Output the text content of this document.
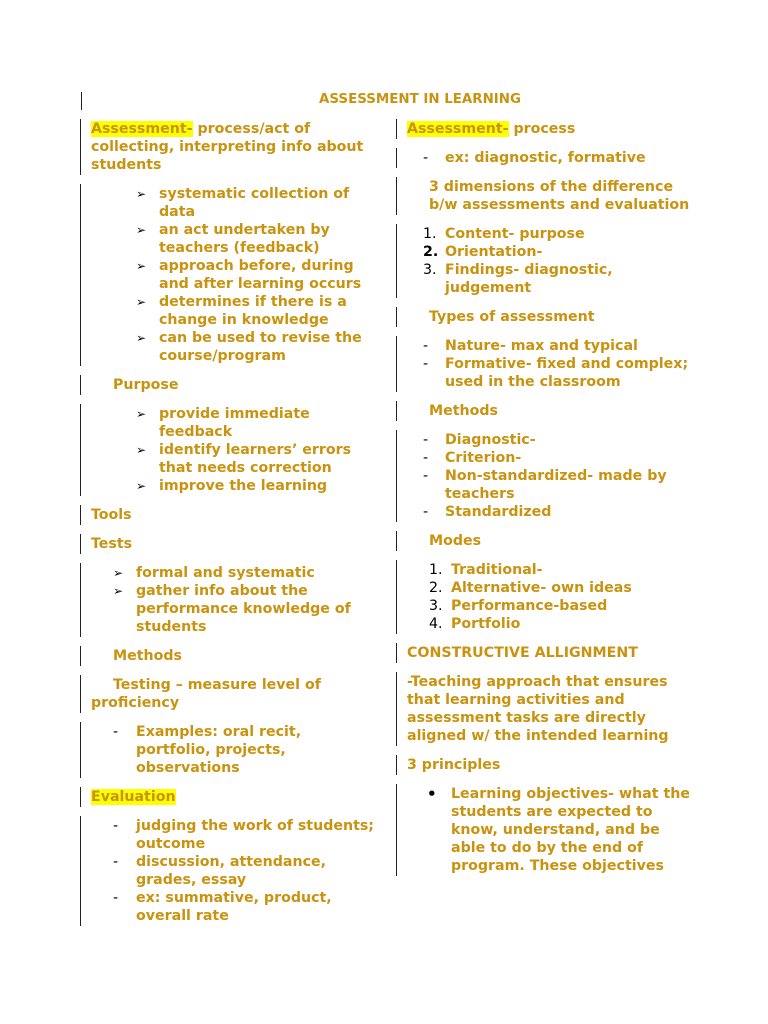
ASSESSMENT IN LEARNING
Assessment- process/act of collecting, interpreting info about students
➢ systematic collection of data
➢ an act undertaken by teachers (feedback)
➢ approach before, during and after learning occurs
➢ determines if there is a change in knowledge
➢ can be used to revise the course/program
Purpose
➢ provide immediate feedback
➢ identify learners’ errors that needs correction
➢ improve the learning
Tools
Tests
➢ formal and systematic
➢ gather info about the performance knowledge of students
Methods
Testing – measure level of proficiency
- Examples: oral recit, portfolio, projects, observations
Evaluation
- judging the work of students; outcome
- discussion, attendance, grades, essay
- ex: summative, product, overall rate
Assessment- process
- ex: diagnostic, formative
3 dimensions of the difference b/w assessments and evaluation
1. Content- purpose
2. Orientation-
3. Findings- diagnostic, judgement
Types of assessment
- Nature- max and typical
- Formative- fixed and complex; used in the classroom
Methods
- Diagnostic-
- Criterion-
- Non-standardized- made by teachers
- Standardized
Modes
1. Traditional-
2. Alternative- own ideas
3. Performance-based
4. Portfolio
CONSTRUCTIVE ALLIGNMENT
-Teaching approach that ensures that learning activities and assessment tasks are directly aligned w/ the intended learning
3 principles
• Learning objectives- what the students are expected to know, understand, and be able to do by the end of program. These objectives
